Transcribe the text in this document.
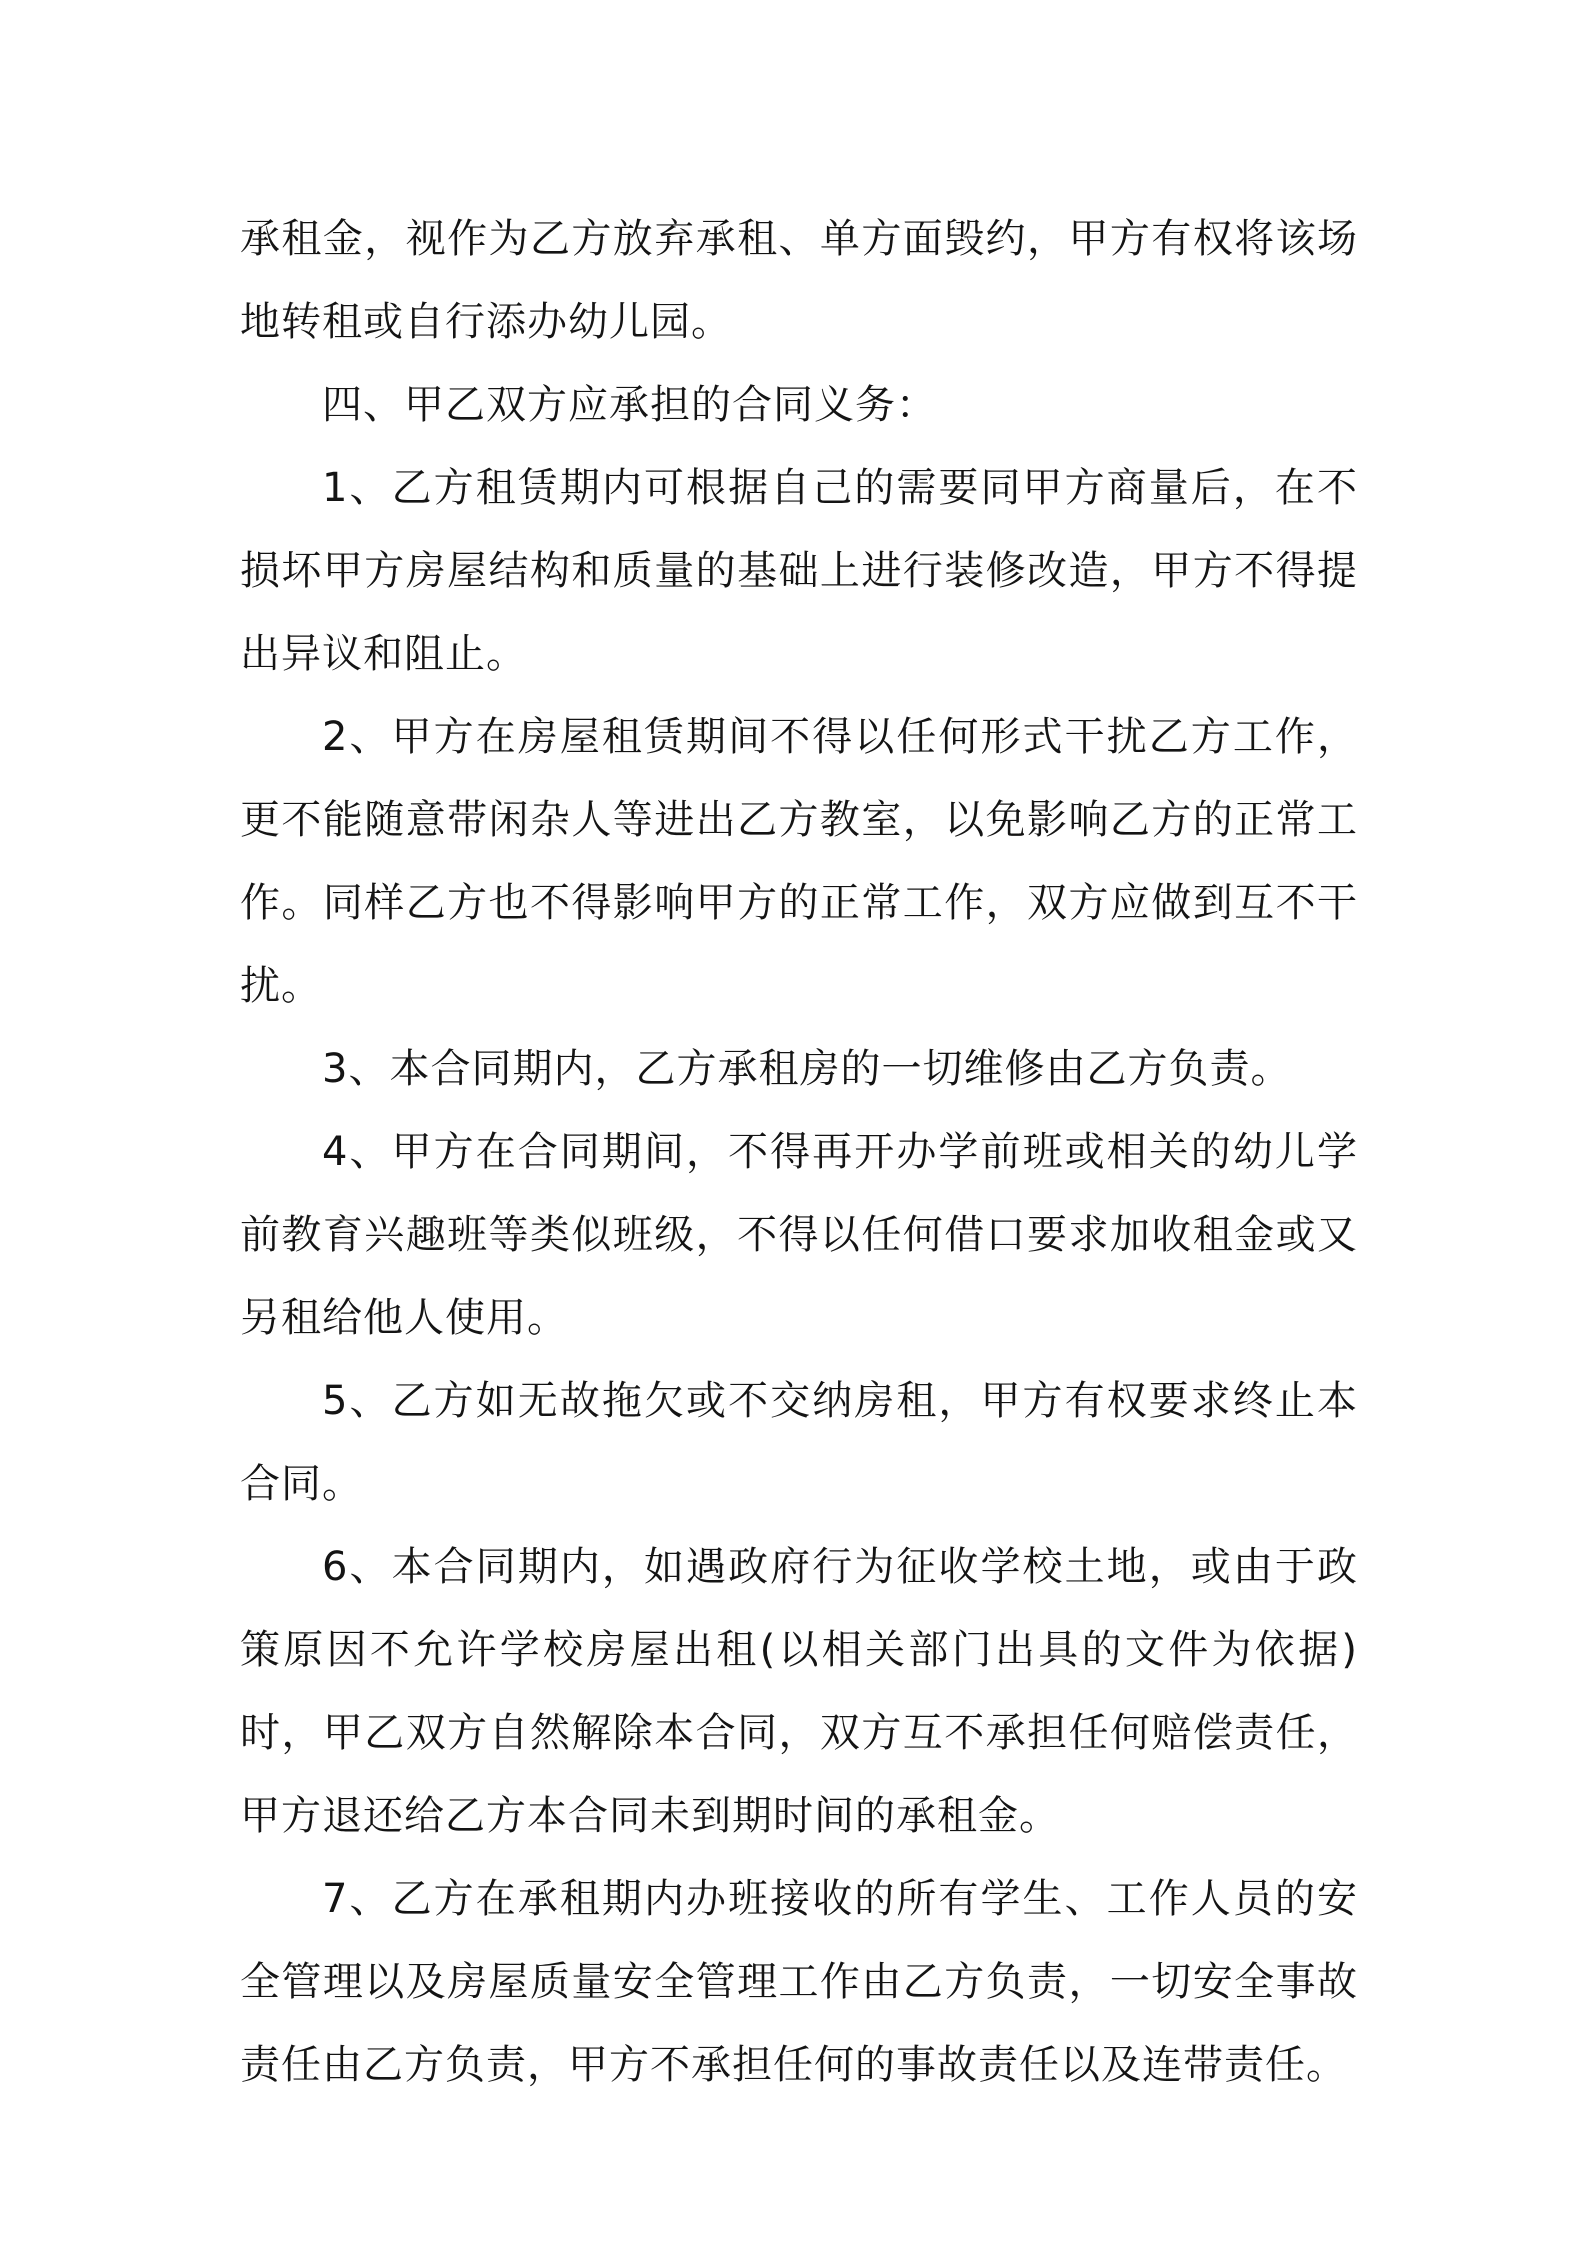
承租金，视作为乙方放弃承租、单方面毁约，甲方有权将该场地转租或自行添办幼儿园。

四、甲乙双方应承担的合同义务：

1、乙方租赁期内可根据自己的需要同甲方商量后，在不损坏甲方房屋结构和质量的基础上进行装修改造，甲方不得提出异议和阻止。

2、甲方在房屋租赁期间不得以任何形式干扰乙方工作，更不能随意带闲杂人等进出乙方教室，以免影响乙方的正常工作。同样乙方也不得影响甲方的正常工作，双方应做到互不干扰。

3、本合同期内，乙方承租房的一切维修由乙方负责。

4、甲方在合同期间，不得再开办学前班或相关的幼儿学前教育兴趣班等类似班级，不得以任何借口要求加收租金或又另租给他人使用。

5、乙方如无故拖欠或不交纳房租，甲方有权要求终止本合同。

6、本合同期内，如遇政府行为征收学校土地，或由于政策原因不允许学校房屋出租(以相关部门出具的文件为依据)时，甲乙双方自然解除本合同，双方互不承担任何赔偿责任，甲方退还给乙方本合同未到期时间的承租金。

7、乙方在承租期内办班接收的所有学生、工作人员的安全管理以及房屋质量安全管理工作由乙方负责，一切安全事故责任由乙方负责，甲方不承担任何的事故责任以及连带责任。
